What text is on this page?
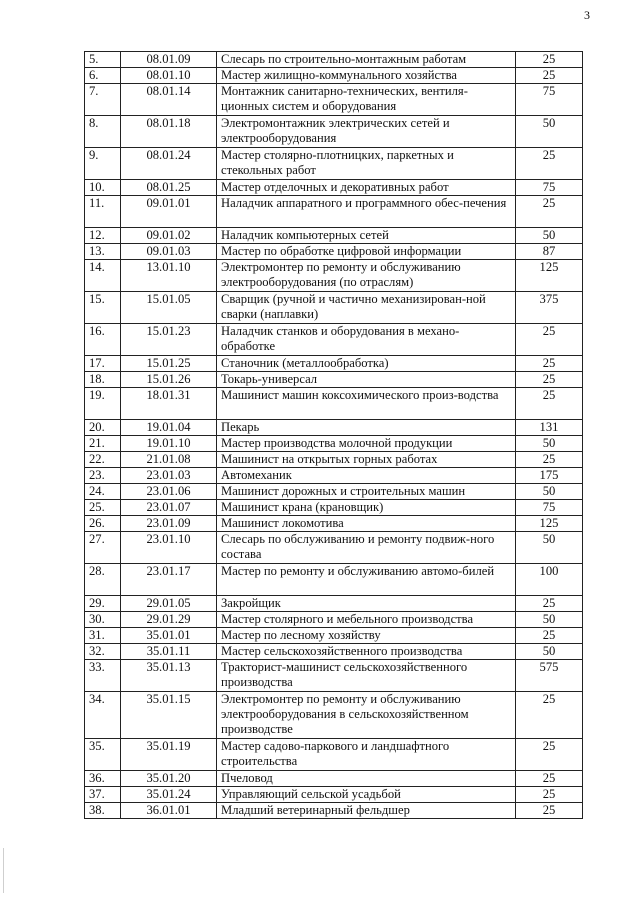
3
5.	08.01.09	Слесарь по строительно-монтажным работам	25
6.	08.01.10	Мастер жилищно-коммунального хозяйства	25
7.	08.01.14	Монтажник санитарно-технических, вентиля-ционных систем и оборудования	75
8.	08.01.18	Электромонтажник электрических сетей и электрооборудования	50
9.	08.01.24	Мастер столярно-плотницких, паркетных и стекольных работ	25
10.	08.01.25	Мастер отделочных и декоративных работ	75
11.	09.01.01	Наладчик аппаратного и программного обес-печения	25
12.	09.01.02	Наладчик компьютерных сетей	50
13.	09.01.03	Мастер по обработке цифровой информации	87
14.	13.01.10	Электромонтер по ремонту и обслуживанию электрооборудования (по отраслям)	125
15.	15.01.05	Сварщик (ручной и частично механизирован-ной сварки (наплавки)	375
16.	15.01.23	Наладчик станков и оборудования в механо-обработке	25
17.	15.01.25	Станочник (металлообработка)	25
18.	15.01.26	Токарь-универсал	25
19.	18.01.31	Машинист машин коксохимического произ-водства	25
20.	19.01.04	Пекарь	131
21.	19.01.10	Мастер производства молочной продукции	50
22.	21.01.08	Машинист на открытых горных работах	25
23.	23.01.03	Автомеханик	175
24.	23.01.06	Машинист дорожных и строительных машин	50
25.	23.01.07	Машинист крана (крановщик)	75
26.	23.01.09	Машинист локомотива	125
27.	23.01.10	Слесарь по обслуживанию и ремонту подвиж-ного состава	50
28.	23.01.17	Мастер по ремонту и обслуживанию автомо-билей	100
29.	29.01.05	Закройщик	25
30.	29.01.29	Мастер столярного и мебельного производства	50
31.	35.01.01	Мастер по лесному хозяйству	25
32.	35.01.11	Мастер сельскохозяйственного производства	50
33.	35.01.13	Тракторист-машинист сельскохозяйственного производства	575
34.	35.01.15	Электромонтер по ремонту и обслуживанию электрооборудования в сельскохозяйственном производстве	25
35.	35.01.19	Мастер садово-паркового и ландшафтного строительства	25
36.	35.01.20	Пчеловод	25
37.	35.01.24	Управляющий сельской усадьбой	25
38.	36.01.01	Младший ветеринарный фельдшер	25
